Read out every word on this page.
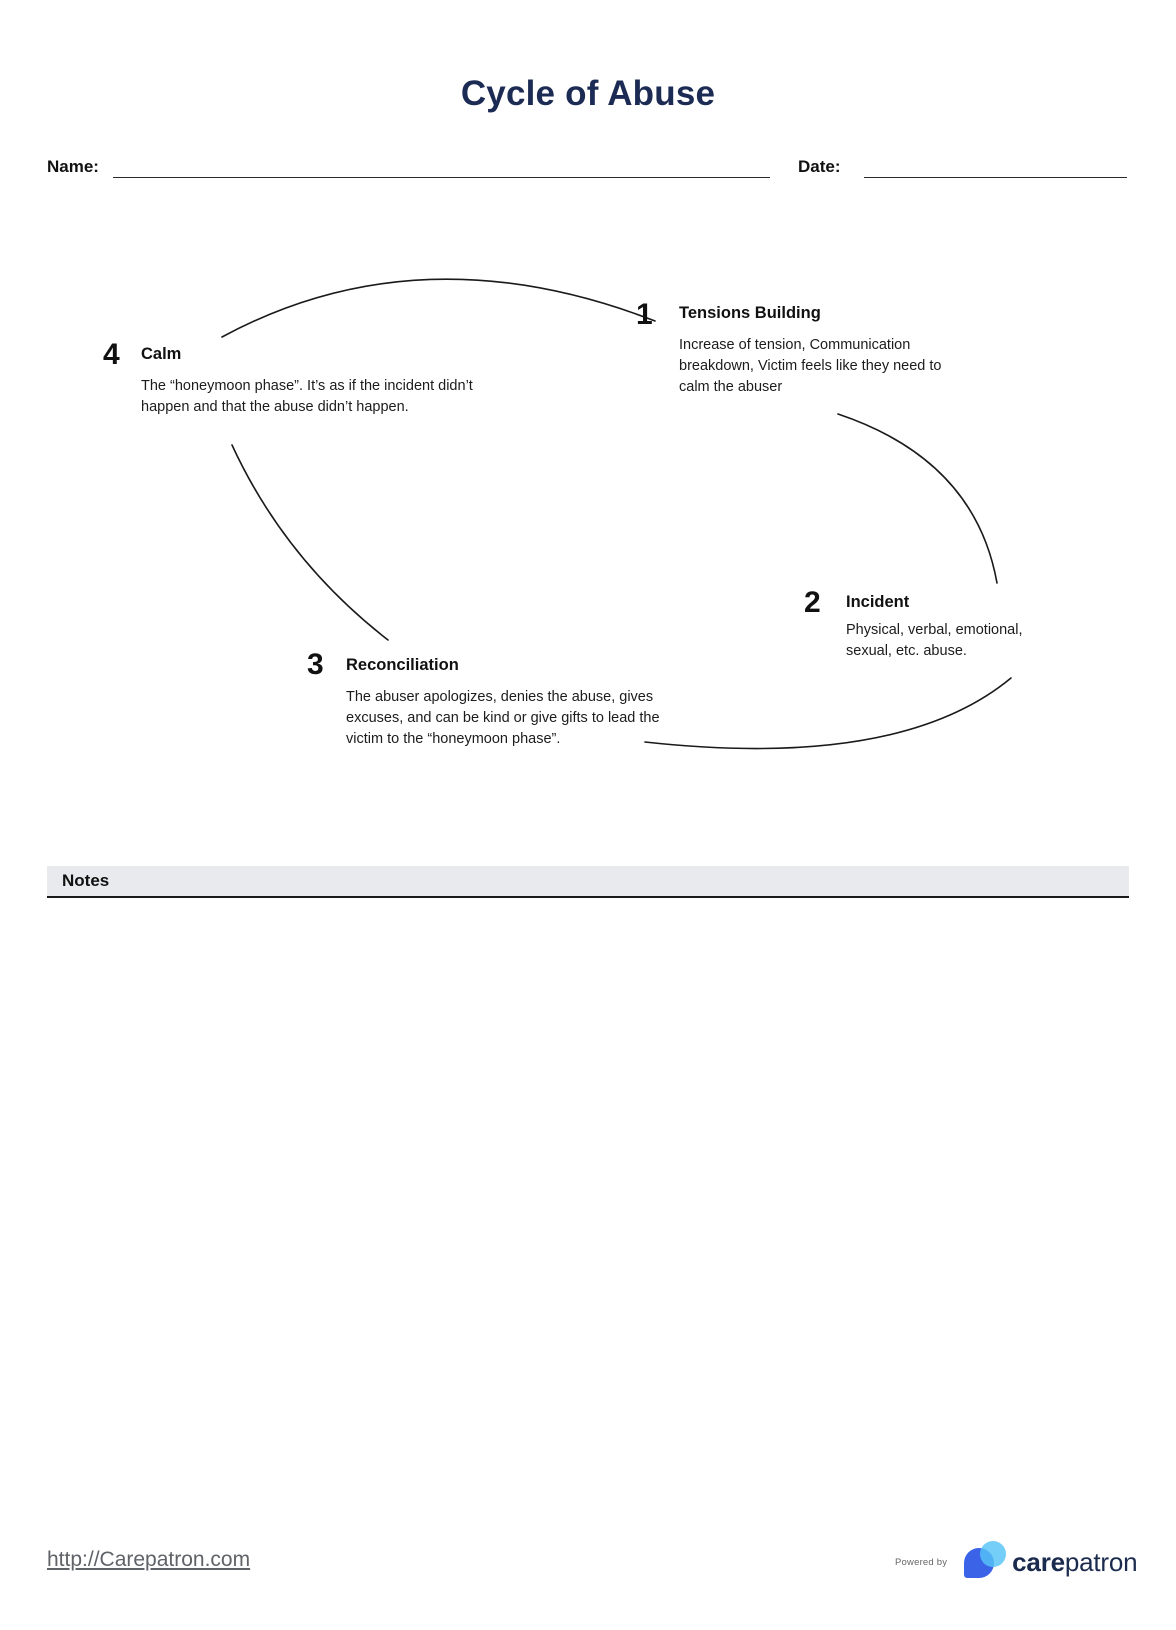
Cycle of Abuse
Name:	Date:
1 Tensions Building
Increase of tension, Communication breakdown, Victim feels like they need to calm the abuser
2 Incident
Physical, verbal, emotional, sexual, etc. abuse.
3 Reconciliation
The abuser apologizes, denies the abuse, gives excuses, and can be kind or give gifts to lead the victim to the “honeymoon phase”.
4 Calm
The “honeymoon phase”. It’s as if the incident didn’t happen and that the abuse didn’t happen.
Notes
http://Carepatron.com	Powered by	carepatron
